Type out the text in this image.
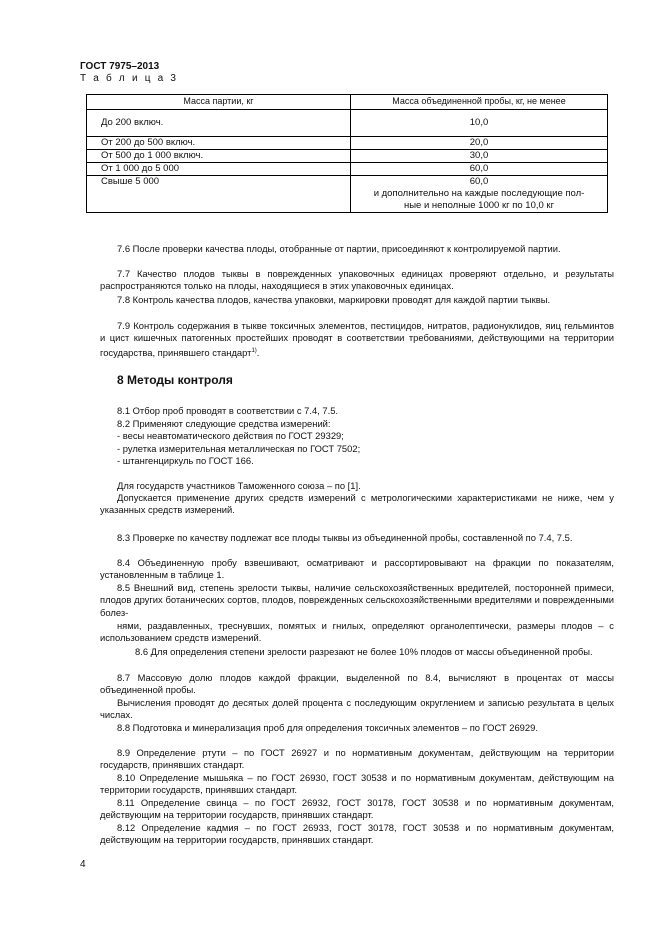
ГОСТ 7975–2013
Т а б л и ц а 3
Масса партии, кг	Масса объединенной пробы, кг, не менее
До 200 включ.	10,0
От 200 до 500 включ.	20,0
От 500 до 1 000 включ.	30,0
От 1 000 до 5 000	60,0
Свыше 5 000	60,0
и дополнительно на каждые последующие пол-
ные и неполные 1000 кг по 10,0 кг
7.6 После проверки качества плоды, отобранные от партии, присоединяют к контролируемой партии.
7.7 Качество плодов тыквы в поврежденных упаковочных единицах проверяют отдельно, и результаты распространяются только на плоды, находящиеся в этих упаковочных единицах.
7.8 Контроль качества плодов, качества упаковки, маркировки проводят для каждой партии тыквы.
7.9 Контроль содержания в тыкве токсичных элементов, пестицидов, нитратов, радионуклидов, яиц гельминтов и цист кишечных патогенных простейших проводят в соответствии требованиями, действующими на территории государства, принявшего стандарт$^{1)}$.
8 Методы контроля
8.1 Отбор проб проводят в соответствии с 7.4, 7.5.
8.2 Применяют следующие средства измерений:
- весы неавтоматического действия по ГОСТ 29329;
- рулетка измерительная металлическая по ГОСТ 7502;
- штангенциркуль по ГОСТ 166.
Для государств участников Таможенного союза – по [1].
Допускается применение других средств измерений с метрологическими характеристиками не ниже, чем у указанных средств измерений.
8.3 Проверке по качеству подлежат все плоды тыквы из объединенной пробы, составленной по 7.4, 7.5.
8.4 Объединенную пробу взвешивают, осматривают и рассортировывают на фракции по показателям, установленным в таблице 1.
8.5 Внешний вид, степень зрелости тыквы, наличие сельскохозяйственных вредителей, посторонней примеси, плодов других ботанических сортов, плодов, поврежденных сельскохозяйственными вредителями и поврежденными болез-
нями, раздавленных, треснувших, помятых и гнилых, определяют органолептически, размеры плодов – с использованием средств измерений.
8.6 Для определения степени зрелости разрезают не более 10% плодов от массы объединенной пробы.
8.7 Массовую долю плодов каждой фракции, выделенной по 8.4, вычисляют в процентах от массы объединенной пробы.
Вычисления проводят до десятых долей процента с последующим округлением и записью результата в целых числах.
8.8 Подготовка и минерализация проб для определения токсичных элементов – по ГОСТ 26929.
8.9 Определение ртути – по ГОСТ 26927 и по нормативным документам, действующим на территории государств, принявших стандарт.
8.10 Определение мышьяка – по ГОСТ 26930, ГОСТ 30538 и по нормативным документам, действующим на территории государств, принявших стандарт.
8.11 Определение свинца – по ГОСТ 26932, ГОСТ 30178, ГОСТ 30538 и по нормативным документам, действующим на территории государств, принявших стандарт.
8.12 Определение кадмия – по ГОСТ 26933, ГОСТ 30178, ГОСТ 30538 и по нормативным документам, действующим на территории государств, принявших стандарт.
4
